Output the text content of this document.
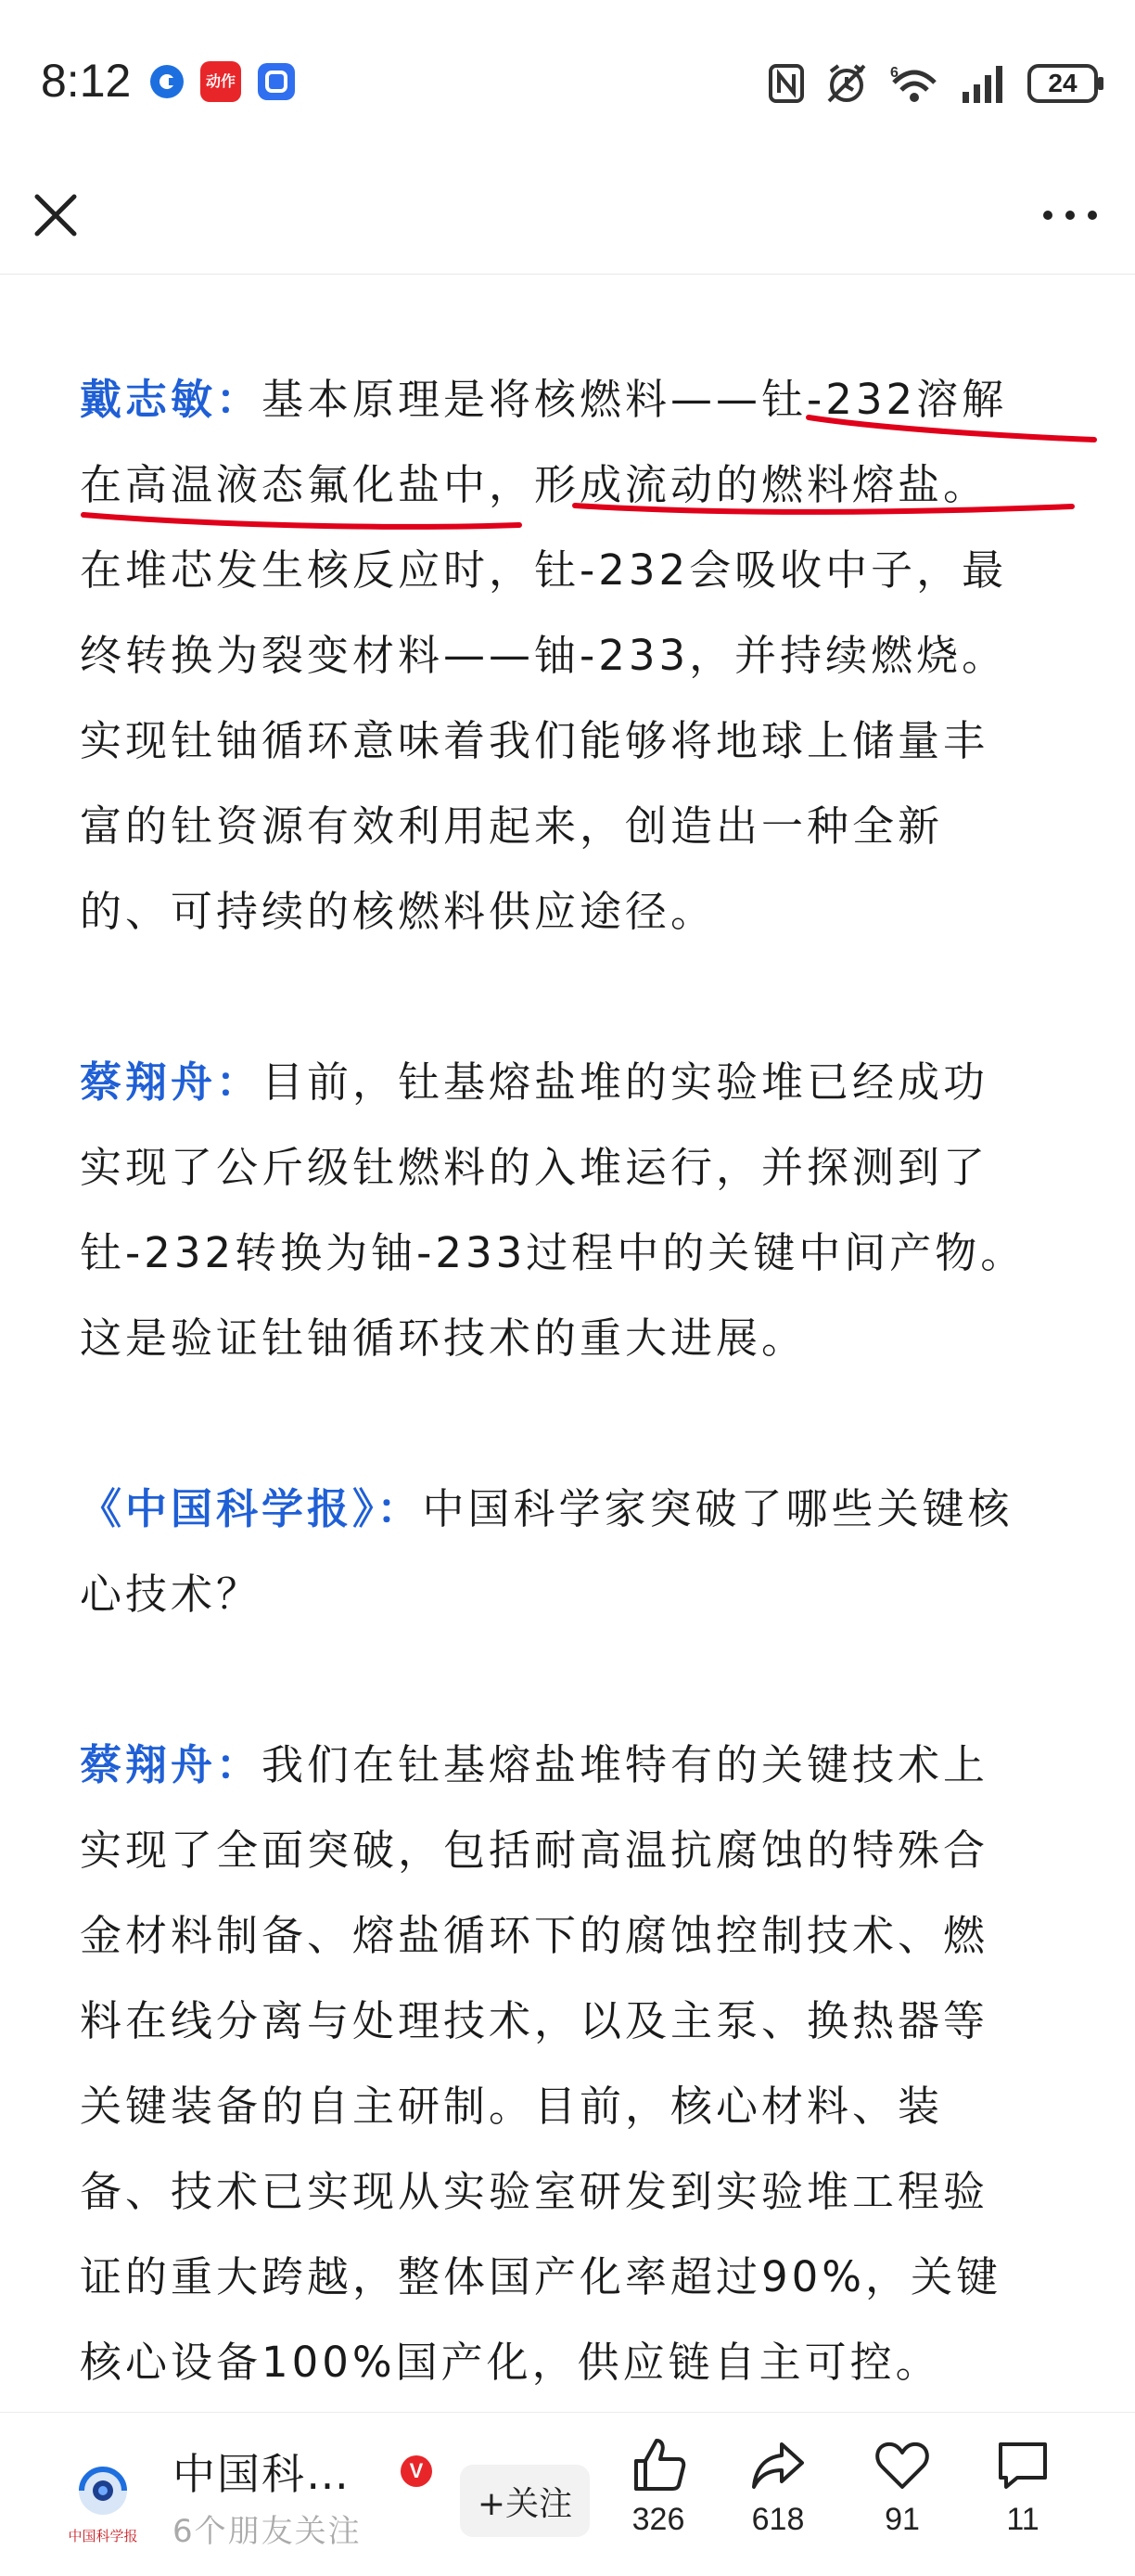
8:12	动作	6	24
戴志敏：基本原理是将核燃料——钍-232溶解
在高温液态氟化盐中，形成流动的燃料熔盐。
在堆芯发生核反应时，钍-232会吸收中子，最
终转换为裂变材料——铀-233，并持续燃烧。
实现钍铀循环意味着我们能够将地球上储量丰
富的钍资源有效利用起来，创造出一种全新
的、可持续的核燃料供应途径。
蔡翔舟：目前，钍基熔盐堆的实验堆已经成功
实现了公斤级钍燃料的入堆运行，并探测到了
钍-232转换为铀-233过程中的关键中间产物。
这是验证钍铀循环技术的重大进展。
《中国科学报》：中国科学家突破了哪些关键核
心技术？
蔡翔舟：我们在钍基熔盐堆特有的关键技术上
实现了全面突破，包括耐高温抗腐蚀的特殊合
金材料制备、熔盐循环下的腐蚀控制技术、燃
料在线分离与处理技术，以及主泵、换热器等
关键装备的自主研制。目前，核心材料、装
备、技术已实现从实验室研发到实验堆工程验
证的重大跨越，整体国产化率超过90%，关键
核心设备100%国产化，供应链自主可控。
中国科学报
中国科…	V
6个朋友关注
+关注	326	618	91	11
